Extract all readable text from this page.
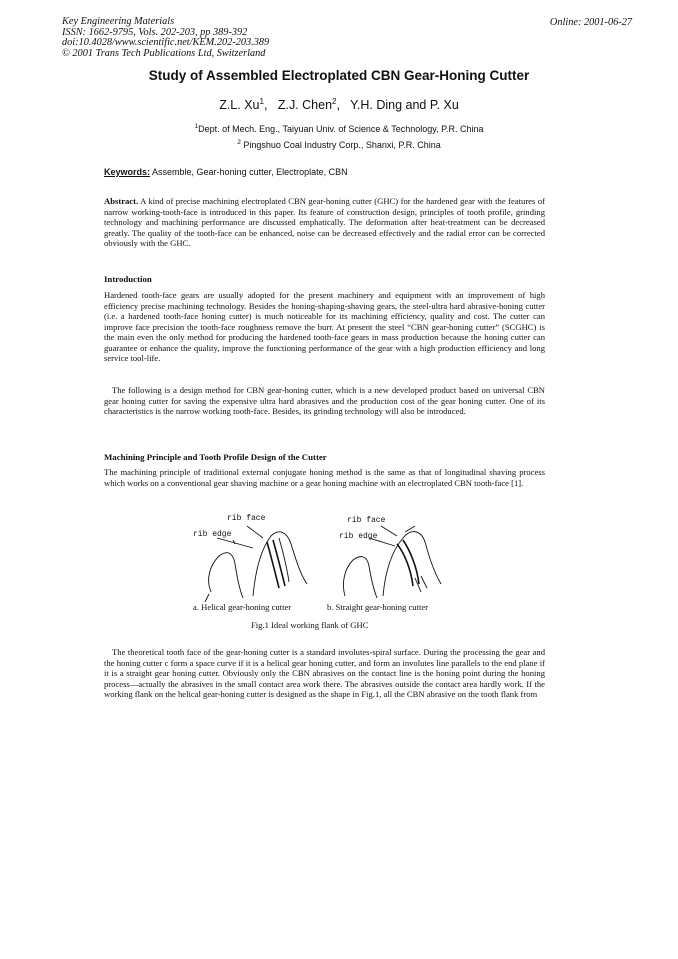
Key Engineering Materials
ISSN: 1662-9795, Vols. 202-203, pp 389-392
doi:10.4028/www.scientific.net/KEM.202-203.389
© 2001 Trans Tech Publications Ltd, Switzerland
Online: 2001-06-27
Study of Assembled Electroplated CBN Gear-Honing Cutter
Z.L. Xu$^1$,   Z.J. Chen$^2$,   Y.H. Ding and P. Xu
$^1$Dept. of Mech. Eng., Taiyuan Univ. of Science & Technology, P.R. China
$^2$ Pingshuo Coal Industry Corp., Shanxi, P.R. China
Keywords: Assemble, Gear-honing cutter, Electroplate, CBN
Abstract. A kind of precise machining electroplated CBN gear-honing cutter (GHC) for the hardened gear with the features of narrow working-tooth-face is introduced in this paper. Its feature of construction design, principles of tooth profile, grinding technology and machining performance are discussed emphatically. The deformation after heat-treatment can be decreased greatly. The quality of the tooth-face can be enhanced, noise can be decreased effectively and the radial error can be corrected obviously with the GHC.
Introduction
Hardened tooth-face gears are usually adopted for the present machinery and equipment with an improvement of high efficiency precise machining technology. Besides the honing-shaping-shaving gears, the steel-ultra hard abrasive-honing cutter (i.e. a hardened tooth-face honing cutter) is much noticeable for its machining efficiency, quality and cost. The cutter can improve face precision the tooth-face roughness remove the burr. At present the steel “CBN gear-honing cutter” (SCGHC) is the main even the only method for producing the hardened tooth-face gears in mass production because the honing cutter can guarantee or enhance the quality, improve the functioning performance of the gear with a high production efficiency and long service tool-life.
The following is a design method for CBN gear-honing cutter, which is a new developed product based on universal CBN gear honing cutter for saving the expensive ultra hard abrasives and the production cost of the gear honing cutter. One of its characteristics is the narrow working tooth-face. Besides, its grinding technology will also be introduced.
Machining Principle and Tooth Profile Design of the Cutter
The machining principle of traditional external conjugate honing method is the same as that of longitudinal shaving process which works on a conventional gear shaving machine or a gear honing machine with an electroplated CBN tooth-face [1].
rib face
rib edge
rib face
rib edge
a. Helical gear-honing cutter	b. Straight gear-honing cutter
Fig.1 Ideal working flank of GHC
The theoretical tooth face of the gear-honing cutter is a standard involutes-spiral surface. During the processing the gear and the honing cutter c form a space curve if it is a helical gear honing cutter, and form an involutes line parallels to the end plane if it is a straight gear honing cutter. Obviously only the CBN abrasives on the contact line is the honing point during the honing process—actually the abrasives in the small contact area work there. The abrasives outside the contact area hardly work. If the working flank on the helical gear-honing cutter is designed as the shape in Fig.1, all the CBN abrasive on the tooth flank from
